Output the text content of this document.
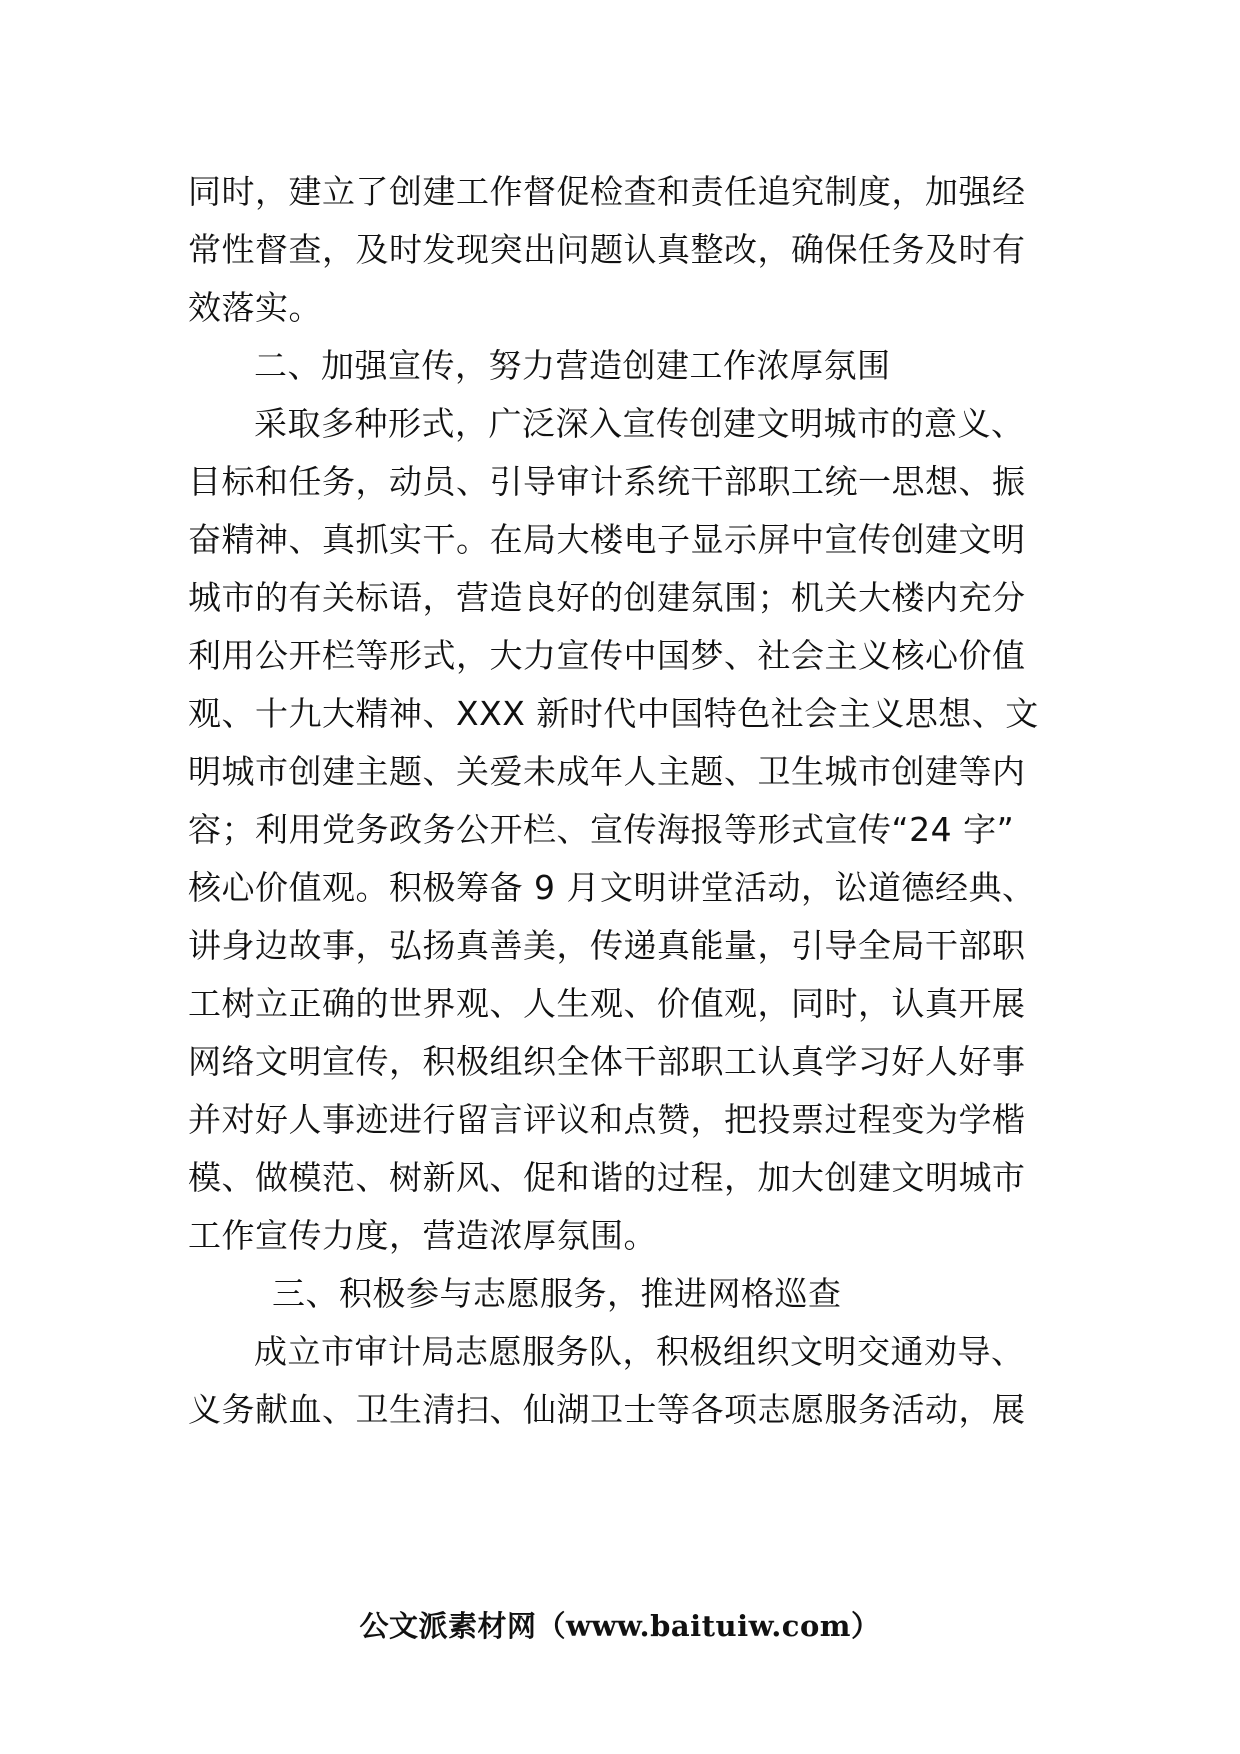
同时，建立了创建工作督促检查和责任追究制度，加强经
常性督查，及时发现突出问题认真整改，确保任务及时有
效落实。
二、加强宣传，努力营造创建工作浓厚氛围
采取多种形式，广泛深入宣传创建文明城市的意义、
目标和任务，动员、引导审计系统干部职工统一思想、振
奋精神、真抓实干。在局大楼电子显示屏中宣传创建文明
城市的有关标语，营造良好的创建氛围；机关大楼内充分
利用公开栏等形式，大力宣传中国梦、社会主义核心价值
观、十九大精神、XXX 新时代中国特色社会主义思想、文
明城市创建主题、关爱未成年人主题、卫生城市创建等内
容；利用党务政务公开栏、宣传海报等形式宣传“24 字”
核心价值观。积极筹备 9 月文明讲堂活动，讼道德经典、
讲身边故事，弘扬真善美，传递真能量，引导全局干部职
工树立正确的世界观、人生观、价值观，同时，认真开展
网络文明宣传，积极组织全体干部职工认真学习好人好事
并对好人事迹进行留言评议和点赞，把投票过程变为学楷
模、做模范、树新风、促和谐的过程，加大创建文明城市
工作宣传力度，营造浓厚氛围。
三、积极参与志愿服务，推进网格巡查
成立市审计局志愿服务队，积极组织文明交通劝导、
义务献血、卫生清扫、仙湖卫士等各项志愿服务活动，展
公文派素材网（www.baituiw.com）
